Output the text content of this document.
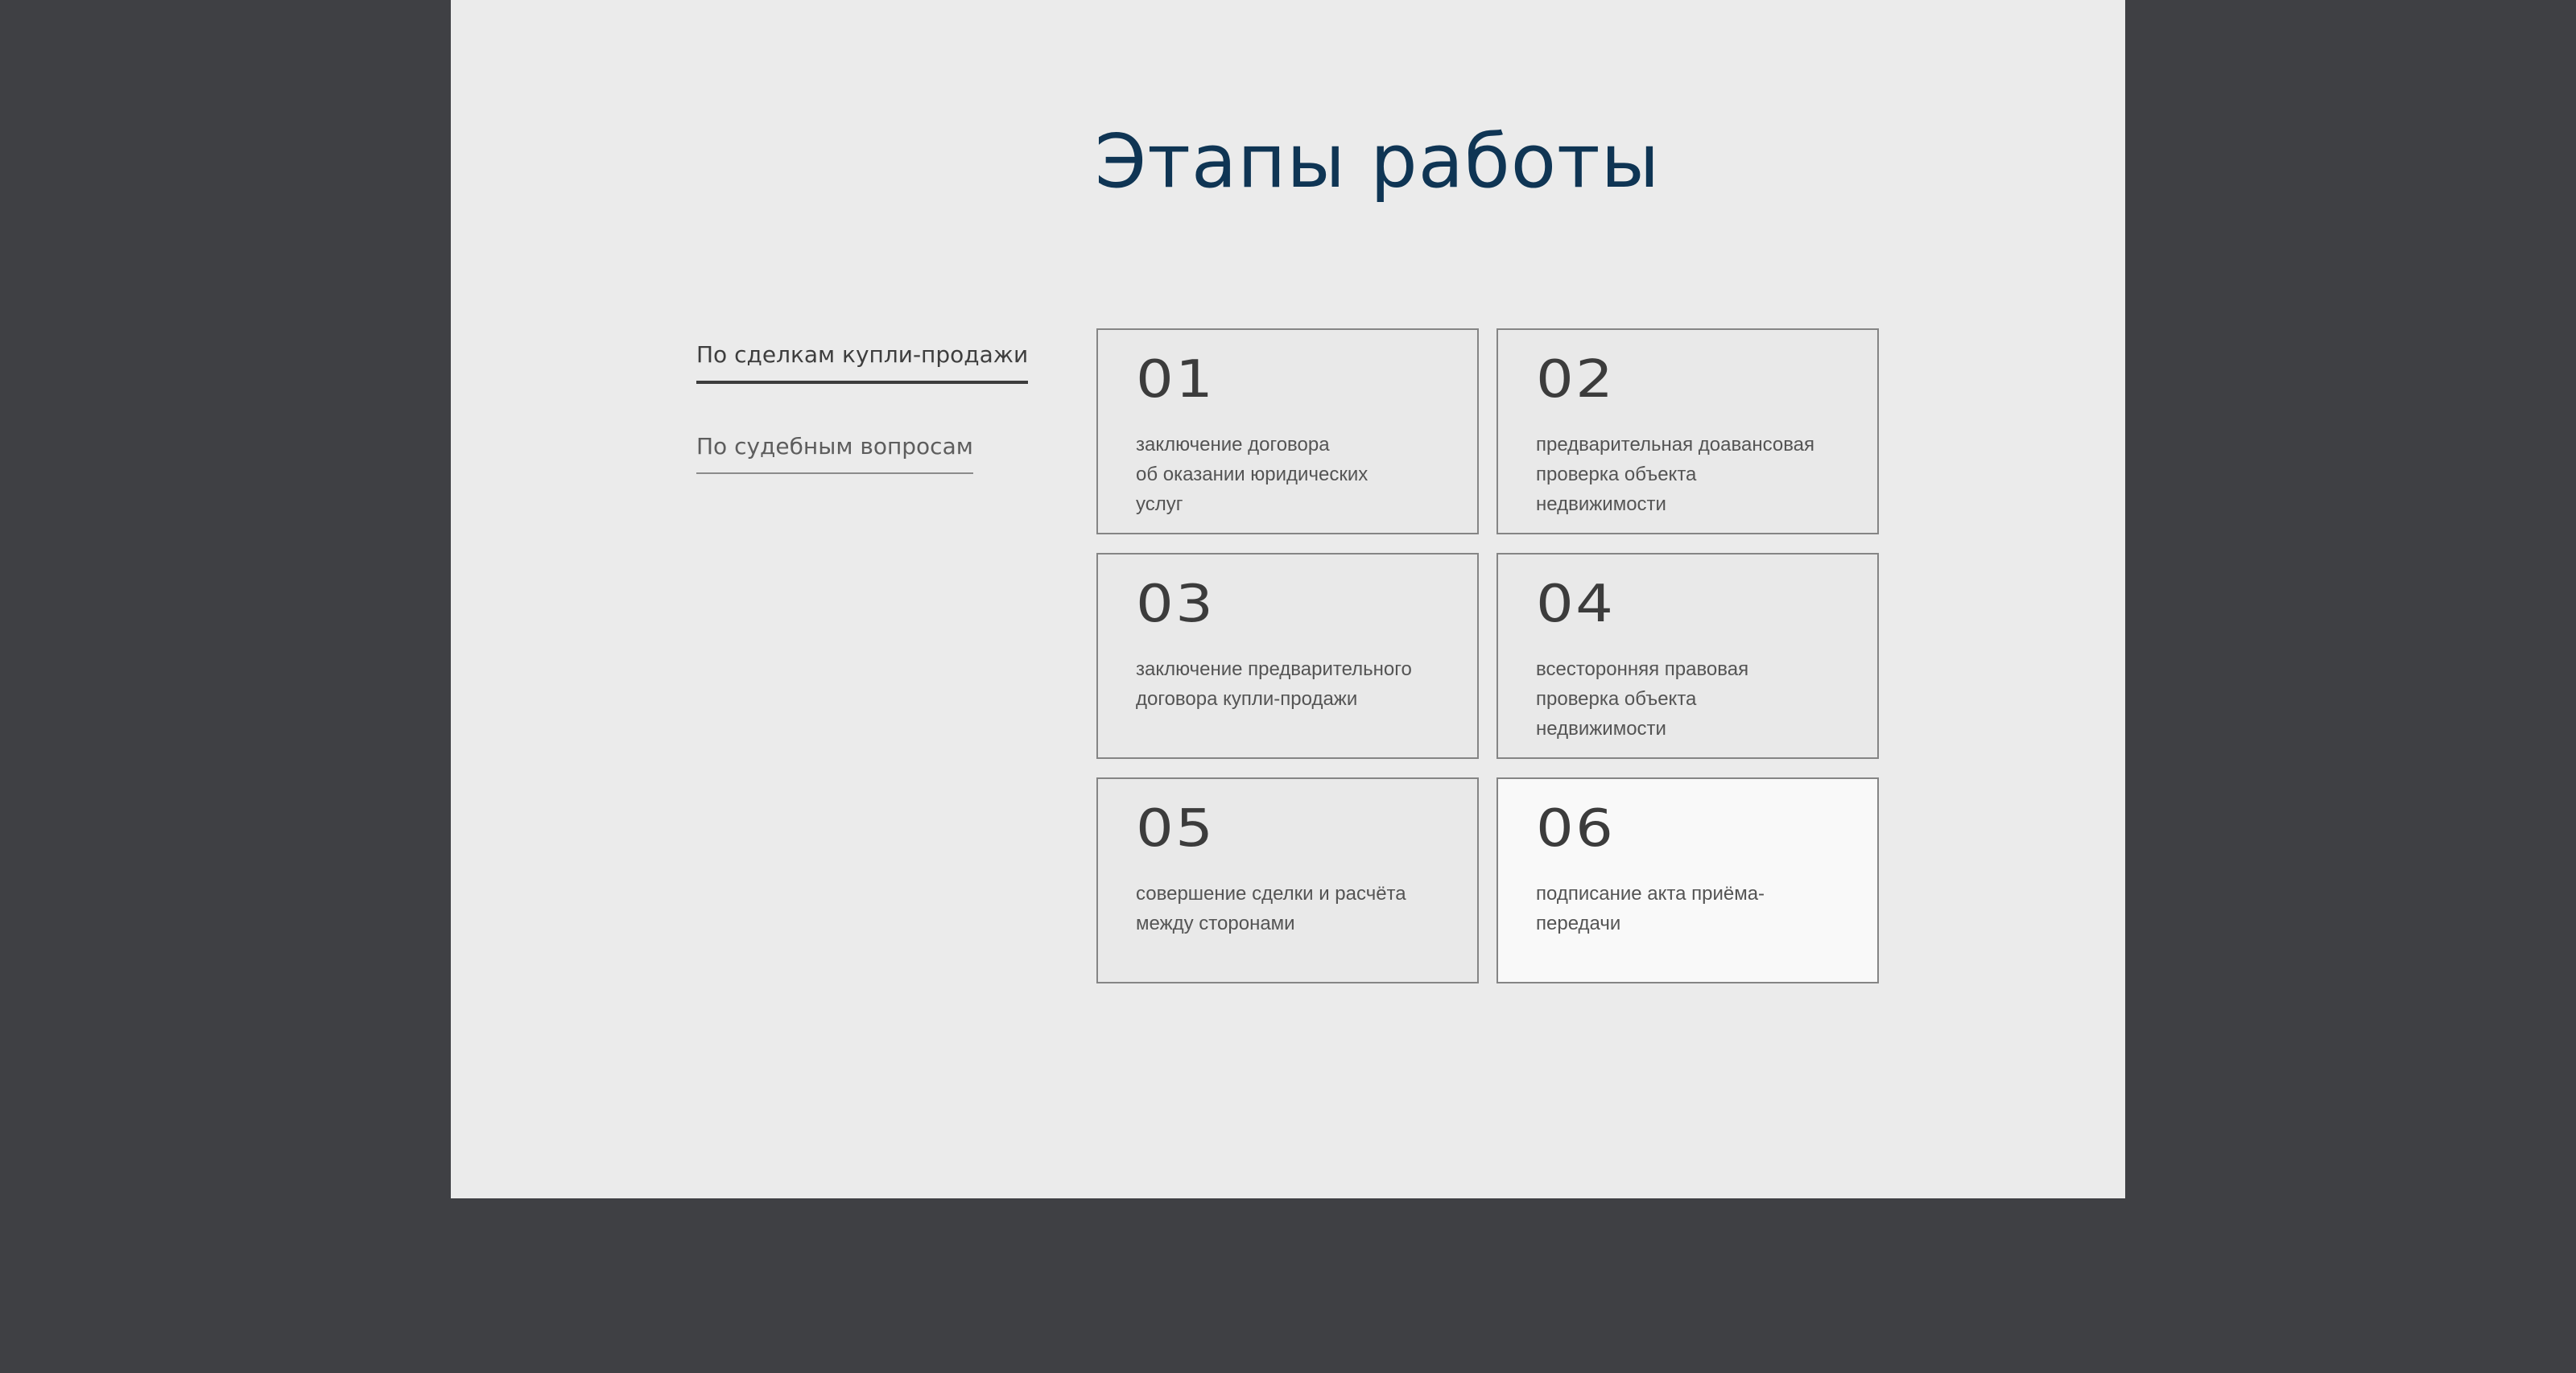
Этапы работы
По сделкам купли-продажи
По судебным вопросам
01
заключение договора
об оказании юридических
услуг
02
предварительная доавансовая
проверка объекта
недвижимости
03
заключение предварительного
договора купли-продажи
04
всесторонняя правовая
проверка объекта
недвижимости
05
совершение сделки и расчёта
между сторонами
06
подписание акта приёма-
передачи
